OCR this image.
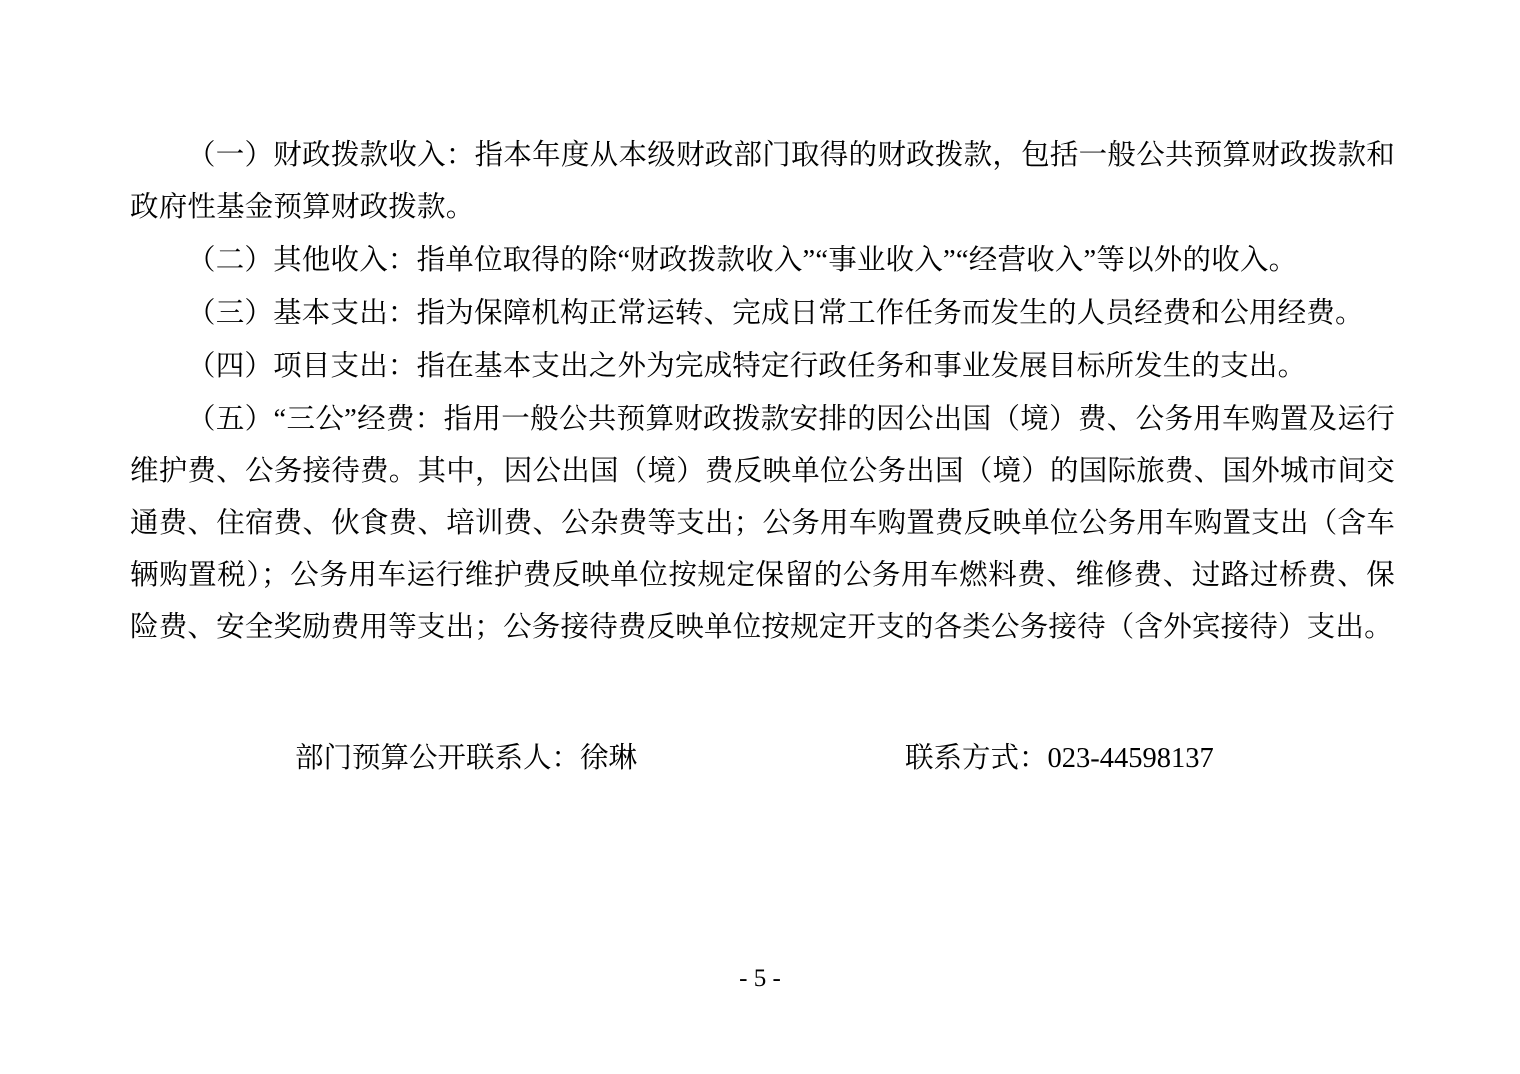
（一）财政拨款收入：指本年度从本级财政部门取得的财政拨款，包括一般公共预算财政拨款和政府性基金预算财政拨款。

（二）其他收入：指单位取得的除“财政拨款收入”“事业收入”“经营收入”等以外的收入。

（三）基本支出：指为保障机构正常运转、完成日常工作任务而发生的人员经费和公用经费。

（四）项目支出：指在基本支出之外为完成特定行政任务和事业发展目标所发生的支出。

（五）“三公”经费：指用一般公共预算财政拨款安排的因公出国（境）费、公务用车购置及运行维护费、公务接待费。其中，因公出国（境）费反映单位公务出国（境）的国际旅费、国外城市间交通费、住宿费、伙食费、培训费、公杂费等支出；公务用车购置费反映单位公务用车购置支出（含车辆购置税）；公务用车运行维护费反映单位按规定保留的公务用车燃料费、维修费、过路过桥费、保险费、安全奖励费用等支出；公务接待费反映单位按规定开支的各类公务接待（含外宾接待）支出。

部门预算公开联系人：徐琳	联系方式：023-44598137
- 5 -
